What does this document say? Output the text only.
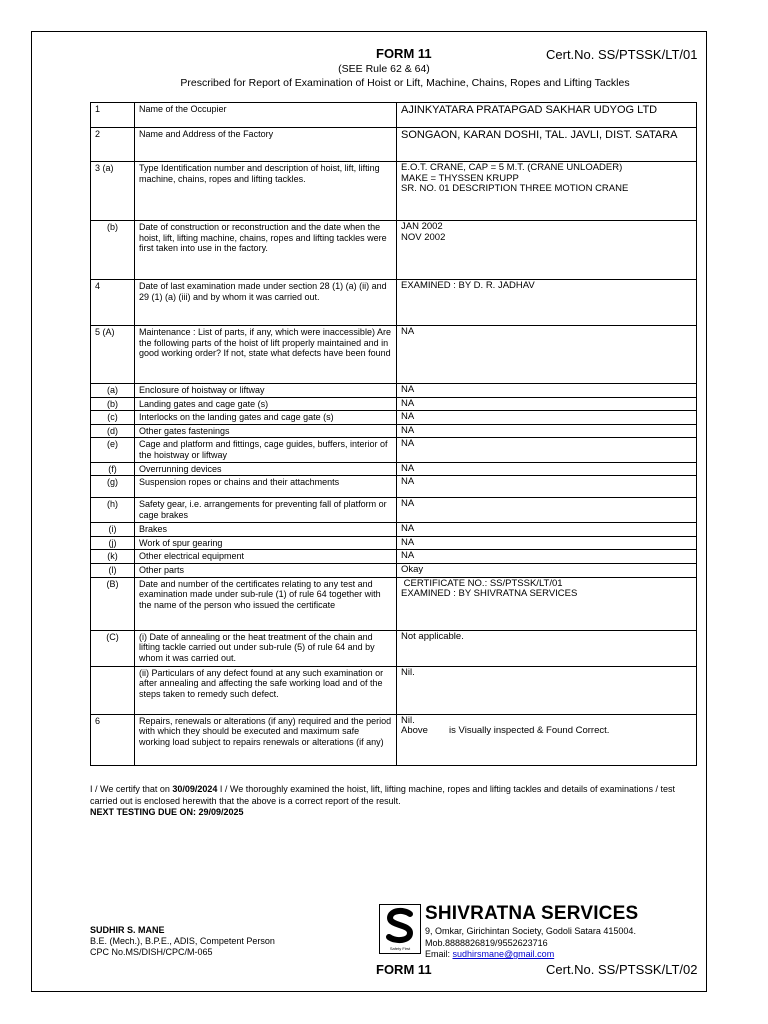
FORM 11	Cert.No. SS/PTSSK/LT/01
(SEE Rule 62 & 64)
Prescribed for Report of Examination of Hoist or Lift, Machine, Chains, Ropes and Lifting Tackles
1	Name of the Occupier	AJINKYATARA PRATAPGAD SAKHAR UDYOG LTD
2	Name and Address of the Factory	SONGAON, KARAN DOSHI, TAL. JAVLI, DIST. SATARA
3 (a)	Type Identification number and description of hoist, lift, lifting machine, chains, ropes and lifting tackles.	E.O.T. CRANE, CAP = 5 M.T. (CRANE UNLOADER)
MAKE = THYSSEN KRUPP
SR. NO. 01 DESCRIPTION THREE MOTION CRANE

(b)	Date of construction or reconstruction and the date when the hoist, lift, lifting machine, chains, ropes and lifting tackles were first taken into use in the factory.	JAN 2002
NOV 2002

4	Date of last examination made under section 28 (1) (a) (ii) and 29 (1) (a) (iii) and by whom it was carried out.	EXAMINED : BY D. R. JADHAV
5 (A)	Maintenance : List of parts, if any, which were inaccessible) Are the following parts of the hoist of lift properly maintained and in good working order? If not, state what defects have been found	NA
(a)	Enclosure of hoistway or liftway	NA
(b)	Landing gates and cage gate (s)	NA
(c)	Interlocks on the landing gates and cage gate (s)	NA
(d)	Other gates fastenings	NA
(e)	Cage and platform and fittings, cage guides, buffers, interior of the hoistway or liftway	NA
(f)	Overrunning devices	NA
(g)	Suspension ropes or chains and their attachments	NA
(h)	Safety gear, i.e. arrangements for preventing fall of platform or cage brakes	NA
(i)	Brakes	NA
(j)	Work of spur gearing	NA
(k)	Other electrical equipment	NA
(l)	Other parts	Okay
(B)	Date and number of the certificates relating to any test and examination made under sub-rule (1) of rule 64 together with the name of the person who issued the certificate	CERTIFICATE NO.: SS/PTSSK/LT/01
EXAMINED : BY SHIVRATNA SERVICES

(C)	(i) Date of annealing or the heat treatment of the chain and lifting tackle carried out under sub-rule (5) of rule 64 and by whom it was carried out.	Not applicable.
	(ii) Particulars of any defect found at any such examination or after annealing and affecting the safe working load and of the steps taken to remedy such defect.	Nil.
6	Repairs, renewals or alterations (if any) required and the period with which they should be executed and maximum safe working load subject to repairs renewals or alterations (if any)	Nil.
Above        is Visually inspected & Found Correct.
I / We certify that on 30/09/2024 I / We thoroughly examined the hoist, lift, lifting machine, ropes and lifting tackles and details of examinations / test carried out is enclosed herewith that the above is a correct report of the result.
NEXT TESTING DUE ON: 29/09/2025
SUDHIR S. MANE
B.E. (Mech.), B.P.E., ADIS, Competent Person
CPC No.MS/DISH/CPC/M-065	Safety First
SHIVRATNA SERVICES
9, Omkar, Girichintan Society, Godoli Satara 415004.
Mob.8888826819/9552623716
Email: sudhirsmane@gmail.com
FORM 11	Cert.No. SS/PTSSK/LT/02
